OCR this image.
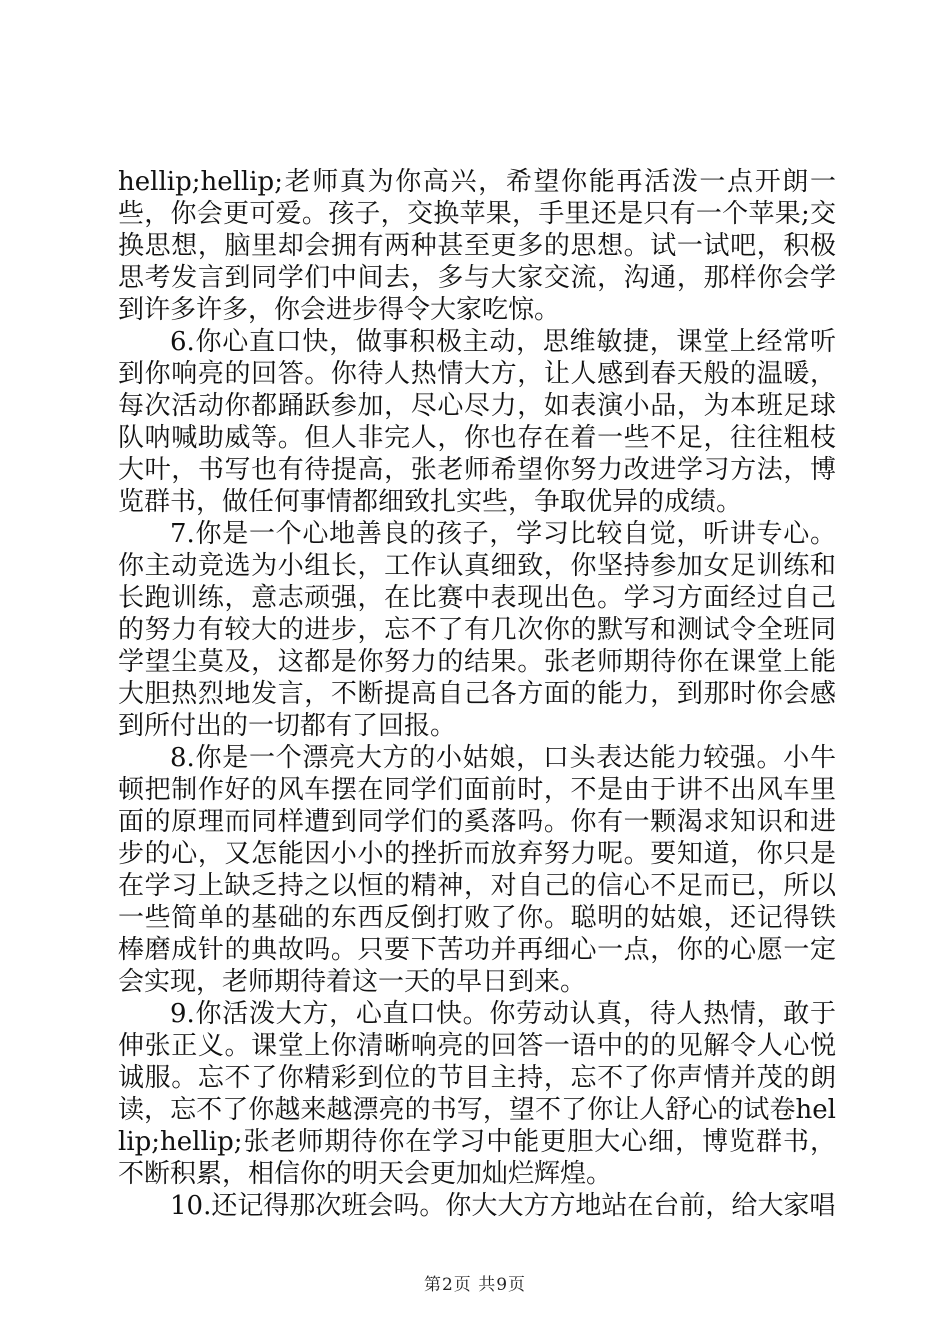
hellip;hellip;老师真为你高兴，希望你能再活泼一点开朗一些，你会更可爱。孩子，交换苹果，手里还是只有一个苹果;交换思想，脑里却会拥有两种甚至更多的思想。试一试吧，积极思考发言到同学们中间去，多与大家交流，沟通，那样你会学到许多许多，你会进步得令大家吃惊。

6.你心直口快，做事积极主动，思维敏捷，课堂上经常听到你响亮的回答。你待人热情大方，让人感到春天般的温暖，每次活动你都踊跃参加，尽心尽力，如表演小品，为本班足球队呐喊助威等。但人非完人，你也存在着一些不足，往往粗枝大叶，书写也有待提高，张老师希望你努力改进学习方法，博览群书，做任何事情都细致扎实些，争取优异的成绩。

7.你是一个心地善良的孩子，学习比较自觉，听讲专心。你主动竞选为小组长，工作认真细致，你坚持参加女足训练和长跑训练，意志顽强，在比赛中表现出色。学习方面经过自己的努力有较大的进步，忘不了有几次你的默写和测试令全班同学望尘莫及，这都是你努力的结果。张老师期待你在课堂上能大胆热烈地发言，不断提高自己各方面的能力，到那时你会感到所付出的一切都有了回报。

8.你是一个漂亮大方的小姑娘，口头表达能力较强。小牛顿把制作好的风车摆在同学们面前时，不是由于讲不出风车里面的原理而同样遭到同学们的奚落吗。你有一颗渴求知识和进步的心，又怎能因小小的挫折而放弃努力呢。要知道，你只是在学习上缺乏持之以恒的精神，对自己的信心不足而已，所以一些简单的基础的东西反倒打败了你。聪明的姑娘，还记得铁棒磨成针的典故吗。只要下苦功并再细心一点，你的心愿一定会实现，老师期待着这一天的早日到来。

9.你活泼大方，心直口快。你劳动认真，待人热情，敢于伸张正义。课堂上你清晰响亮的回答一语中的的见解令人心悦诚服。忘不了你精彩到位的节目主持，忘不了你声情并茂的朗读，忘不了你越来越漂亮的书写，望不了你让人舒心的试卷hellip;hellip;张老师期待你在学习中能更胆大心细，博览群书，不断积累，相信你的明天会更加灿烂辉煌。

10.还记得那次班会吗。你大大方方地站在台前，给大家唱

第2页 共9页
